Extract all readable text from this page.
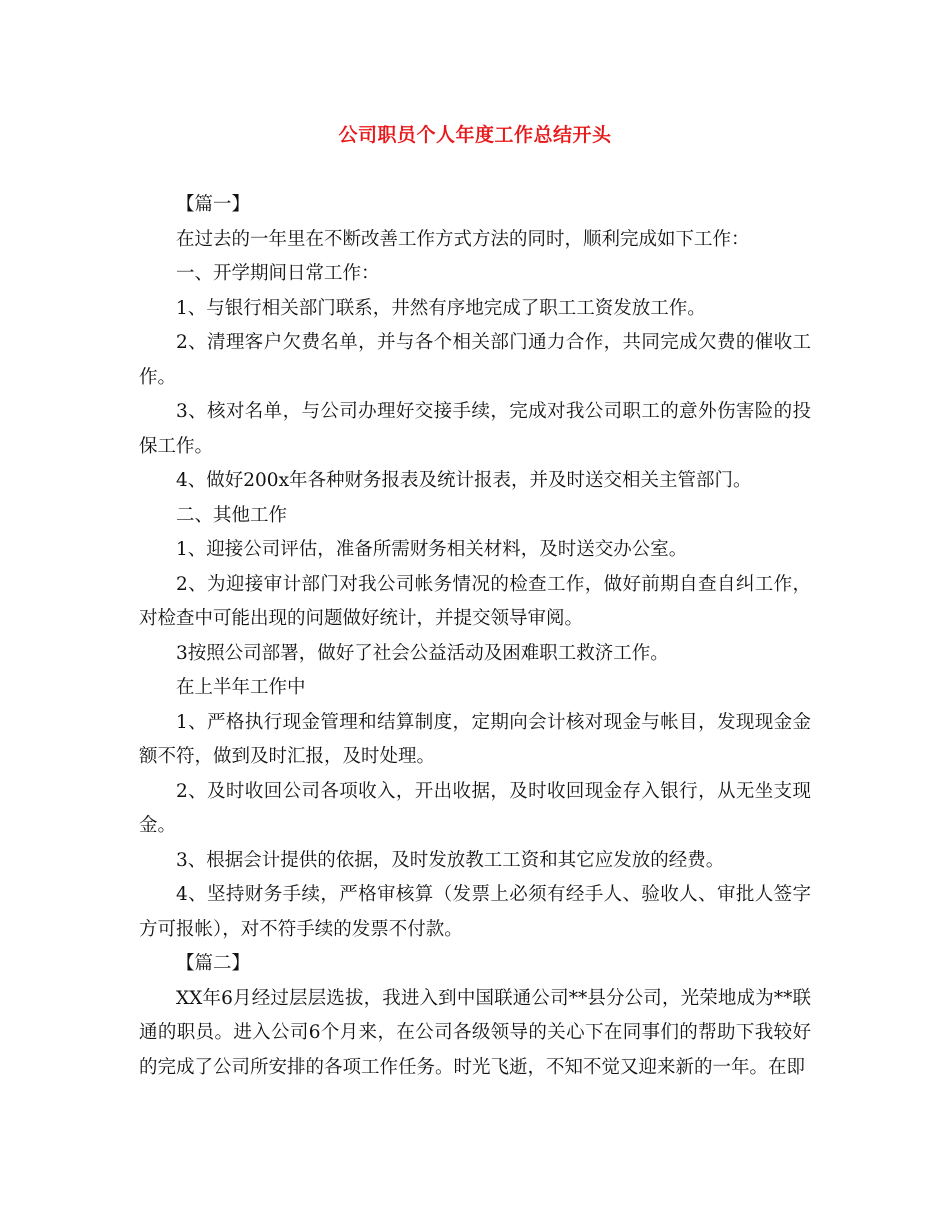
公司职员个人年度工作总结开头

【篇一】

在过去的一年里在不断改善工作方式方法的同时，顺利完成如下工作：

一、开学期间日常工作：

1、与银行相关部门联系，井然有序地完成了职工工资发放工作。

2、清理客户欠费名单，并与各个相关部门通力合作，共同完成欠费的催收工作。

3、核对名单，与公司办理好交接手续，完成对我公司职工的意外伤害险的投保工作。

4、做好200x年各种财务报表及统计报表，并及时送交相关主管部门。

二、其他工作

1、迎接公司评估，准备所需财务相关材料，及时送交办公室。

2、为迎接审计部门对我公司帐务情况的检查工作，做好前期自查自纠工作，对检查中可能出现的问题做好统计，并提交领导审阅。

3按照公司部署，做好了社会公益活动及困难职工救济工作。

在上半年工作中

1、严格执行现金管理和结算制度，定期向会计核对现金与帐目，发现现金金额不符，做到及时汇报，及时处理。

2、及时收回公司各项收入，开出收据，及时收回现金存入银行，从无坐支现金。

3、根据会计提供的依据，及时发放教工工资和其它应发放的经费。

4、坚持财务手续，严格审核算（发票上必须有经手人、验收人、审批人签字方可报帐），对不符手续的发票不付款。

【篇二】

XX年6月经过层层选拔，我进入到中国联通公司**县分公司，光荣地成为**联通的职员。进入公司6个月来，在公司各级领导的关心下在同事们的帮助下我较好的完成了公司所安排的各项工作任务。时光飞逝，不知不觉又迎来新的一年。在即
